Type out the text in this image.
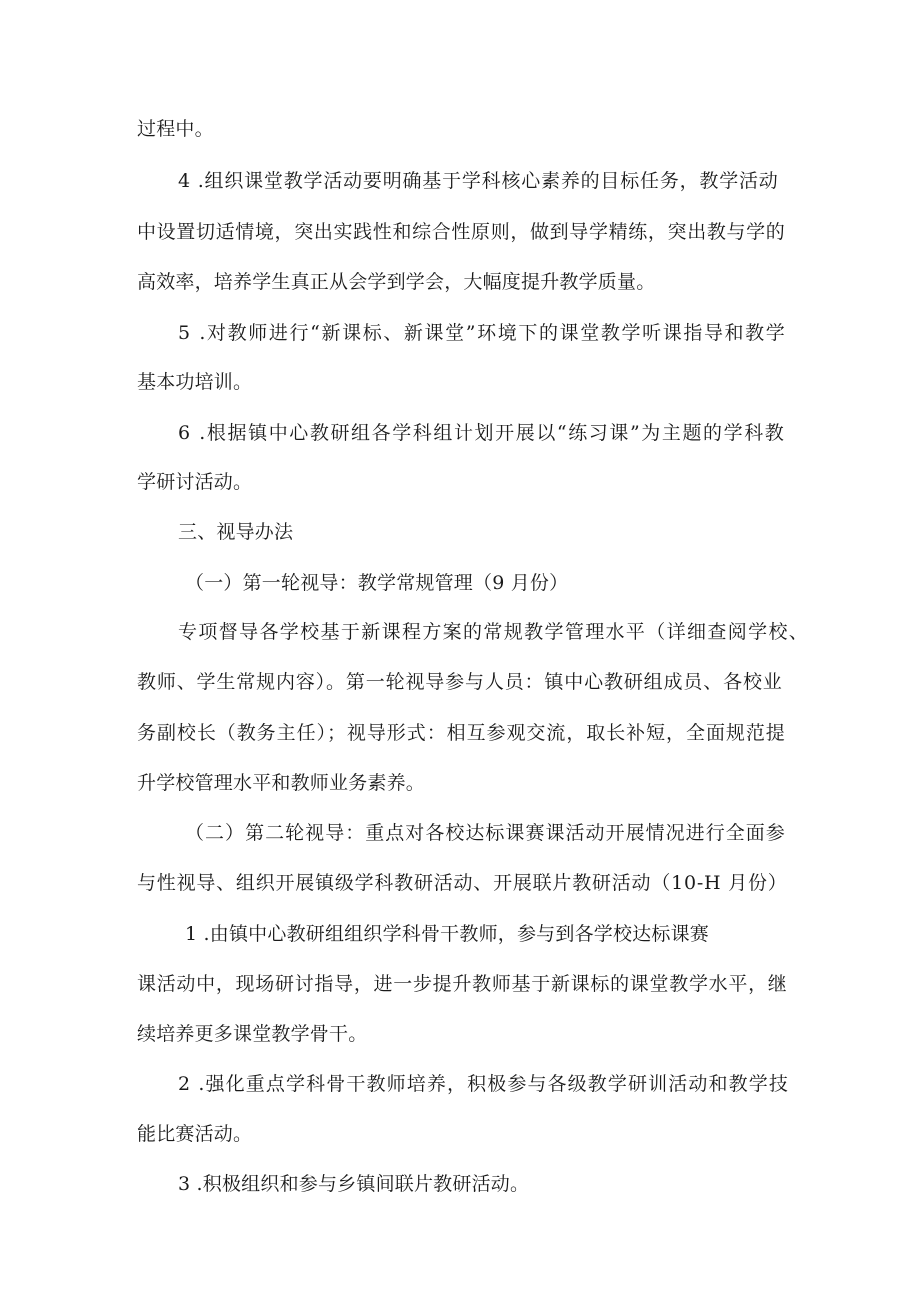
过程中。
4 .组织课堂教学活动要明确基于学科核心素养的目标任务，教学活动
中设置切适情境，突出实践性和综合性原则，做到导学精练，突出教与学的
高效率，培养学生真正从会学到学会，大幅度提升教学质量。
5 .对教师进行“新课标、新课堂”环境下的课堂教学听课指导和教学
基本功培训。
6 .根据镇中心教研组各学科组计划开展以“练习课”为主题的学科教
学研讨活动。
三、视导办法
（一）第一轮视导：教学常规管理（9 月份）
专项督导各学校基于新课程方案的常规教学管理水平（详细查阅学校、
教师、学生常规内容）。第一轮视导参与人员：镇中心教研组成员、各校业
务副校长（教务主任）；视导形式：相互参观交流，取长补短，全面规范提
升学校管理水平和教师业务素养。
（二）第二轮视导：重点对各校达标课赛课活动开展情况进行全面参
与性视导、组织开展镇级学科教研活动、开展联片教研活动（10-H 月份）
1 .由镇中心教研组组织学科骨干教师，参与到各学校达标课赛
课活动中，现场研讨指导，进一步提升教师基于新课标的课堂教学水平，继
续培养更多课堂教学骨干。
2 .强化重点学科骨干教师培养，积极参与各级教学研训活动和教学技
能比赛活动。
3 .积极组织和参与乡镇间联片教研活动。
